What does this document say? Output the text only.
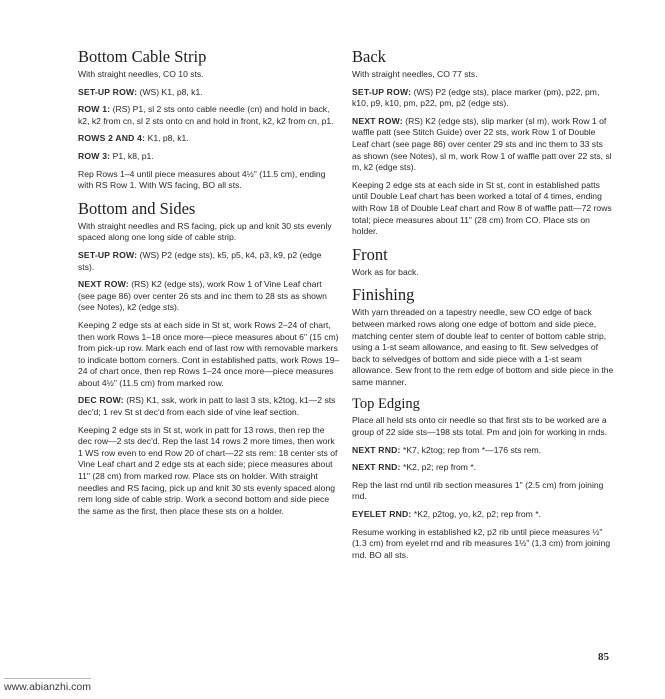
Bottom Cable Strip

With straight needles, CO 10 sts.

SET-UP ROW: (WS) K1, p8, k1.

ROW 1: (RS) P1, sl 2 sts onto cable needle (cn) and hold in back, k2, k2 from cn, sl 2 sts onto cn and hold in front, k2, k2 from cn, p1.

ROWS 2 AND 4: K1, p8, k1.

ROW 3: P1, k8, p1.

Rep Rows 1–4 until piece measures about 4½" (11.5 cm), ending with RS Row 1. With WS facing, BO all sts.

Bottom and Sides

With straight needles and RS facing, pick up and knit 30 sts evenly spaced along one long side of cable strip.

SET-UP ROW: (WS) P2 (edge sts), k5, p5, k4, p3, k9, p2 (edge sts).

NEXT ROW: (RS) K2 (edge sts), work Row 1 of Vine Leaf chart (see page 86) over center 26 sts and inc them to 28 sts as shown (see Notes), k2 (edge sts).

Keeping 2 edge sts at each side in St st, work Rows 2–24 of chart, then work Rows 1–18 once more—piece measures about 6" (15 cm) from pick-up row. Mark each end of last row with removable markers to indicate bottom corners. Cont in established patts, work Rows 19–24 of chart once, then rep Rows 1–24 once more—piece measures about 4½" (11.5 cm) from marked row.

DEC ROW: (RS) K1, ssk, work in patt to last 3 sts, k2tog, k1—2 sts dec'd; 1 rev St st dec'd from each side of vine leaf section.

Keeping 2 edge sts in St st, work in patt for 13 rows, then rep the dec row—2 sts dec'd. Rep the last 14 rows 2 more times, then work 1 WS row even to end Row 20 of chart—22 sts rem: 18 center sts of Vine Leaf chart and 2 edge sts at each side; piece measures about 11" (28 cm) from marked row. Place sts on holder. With straight needles and RS facing, pick up and knit 30 sts evenly spaced along rem long side of cable strip. Work a second bottom and side piece the same as the first, then place these sts on a holder.

Back

With straight needles, CO 77 sts.

SET-UP ROW: (WS) P2 (edge sts), place marker (pm), p22, pm, k10, p9, k10, pm, p22, pm, p2 (edge sts).

NEXT ROW: (RS) K2 (edge sts), slip marker (sl m), work Row 1 of waffle patt (see Stitch Guide) over 22 sts, work Row 1 of Double Leaf chart (see page 86) over center 29 sts and inc them to 33 sts as shown (see Notes), sl m, work Row 1 of waffle patt over 22 sts, sl m, k2 (edge sts).

Keeping 2 edge sts at each side in St st, cont in established patts until Double Leaf chart has been worked a total of 4 times, ending with Row 18 of Double Leaf chart and Row 8 of waffle patt—72 rows total; piece measures about 11" (28 cm) from CO. Place sts on holder.

Front

Work as for back.

Finishing

With yarn threaded on a tapestry needle, sew CO edge of back between marked rows along one edge of bottom and side piece, matching center stem of double leaf to center of bottom cable strip, using a 1-st seam allowance, and easing to fit. Sew selvedges of back to selvedges of bottom and side piece with a 1-st seam allowance. Sew front to the rem edge of bottom and side piece in the same manner.

Top Edging

Place all held sts onto cir needle so that first sts to be worked are a group of 22 side sts—198 sts total. Pm and join for working in rnds.

NEXT RND: *K7, k2tog; rep from *—176 sts rem.

NEXT RND: *K2, p2; rep from *.

Rep the last rnd until rib section measures 1" (2.5 cm) from joining rnd.

EYELET RND: *K2, p2tog, yo, k2, p2; rep from *.

Resume working in established k2, p2 rib until piece measures ½" (1.3 cm) from eyelet rnd and rib measures 1½" (1.3 cm) from joining rnd. BO all sts.

85
www.abianzhi.com
